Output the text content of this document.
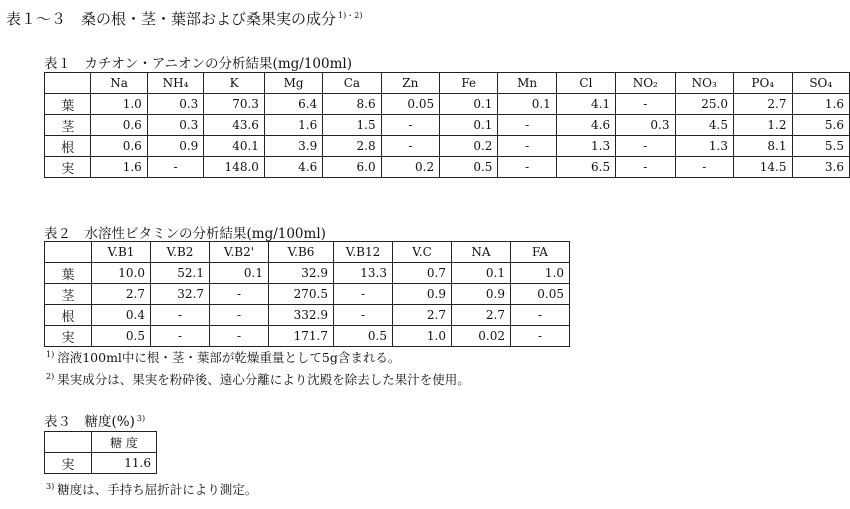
表１～３　桑の根・茎・葉部および桑果実の成分 $^{1)・2)}$
表１　カチオン・アニオンの分析結果(mg/100ml)
	Na	NH₄	K	Mg	Ca	Zn	Fe	Mn	Cl	NO₂	NO₃	PO₄	SO₄
葉	1.0	0.3	70.3	6.4	8.6	0.05	0.1	0.1	4.1	-	25.0	2.7	1.6
茎	0.6	0.3	43.6	1.6	1.5	-	0.1	-	4.6	0.3	4.5	1.2	5.6
根	0.6	0.9	40.1	3.9	2.8	-	0.2	-	1.3	-	1.3	8.1	5.5
実	1.6	-	148.0	4.6	6.0	0.2	0.5	-	6.5	-	-	14.5	3.6
表２　水溶性ビタミンの分析結果(mg/100ml)
	V.B1	V.B2	V.B2'	V.B6	V.B12	V.C	NA	FA
葉	10.0	52.1	0.1	32.9	13.3	0.7	0.1	1.0
茎	2.7	32.7	-	270.5	-	0.9	0.9	0.05
根	0.4	-	-	332.9	-	2.7	2.7	-
実	0.5	-	-	171.7	0.5	1.0	0.02	-
$^{1)}$ 溶液100ml中に根・茎・葉部が乾燥重量として5g含まれる。
$^{2)}$ 果実成分は、果実を粉砕後、遠心分離により沈殿を除去した果汁を使用。
表３　糖度(%) $^{3)}$
	糖 度
実	11.6
$^{3)}$ 糖度は、手持ち屈折計により測定。
